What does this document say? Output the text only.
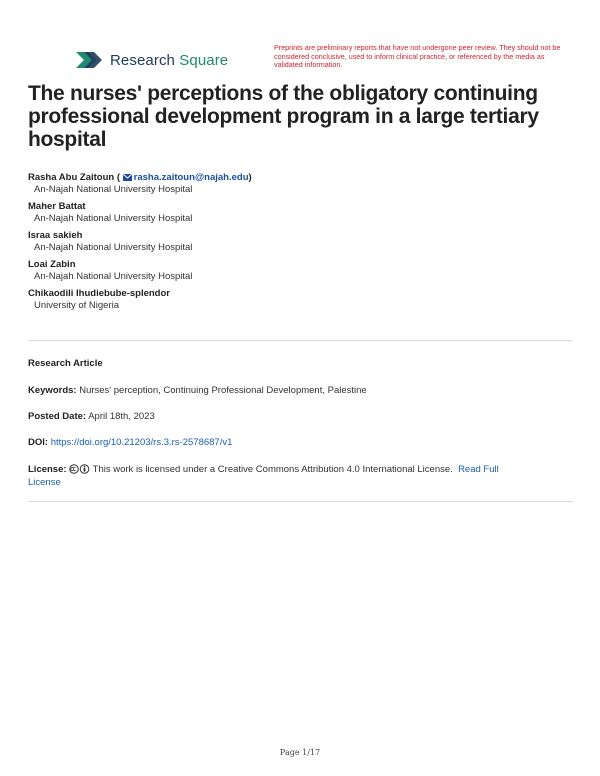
Research Square
Preprints are preliminary reports that have not undergone peer review. They should not be considered conclusive, used to inform clinical practice, or referenced by the media as validated information.
The nurses' perceptions of the obligatory continuing professional development program in a large tertiary hospital
Rasha Abu Zaitoun ( rasha.zaitoun@najah.edu)
An-Najah National University Hospital
Maher Battat
An-Najah National University Hospital
Israa sakieh
An-Najah National University Hospital
Loai Zabin
An-Najah National University Hospital
Chikaodili Ihudiebube-splendor
University of Nigeria
Research Article
Keywords: Nurses' perception, Continuing Professional Development, Palestine
Posted Date: April 18th, 2023
DOI: https://doi.org/10.21203/rs.3.rs-2578687/v1
License:	This work is licensed under a Creative Commons Attribution 4.0 International License. Read Full
License
Page 1/17
